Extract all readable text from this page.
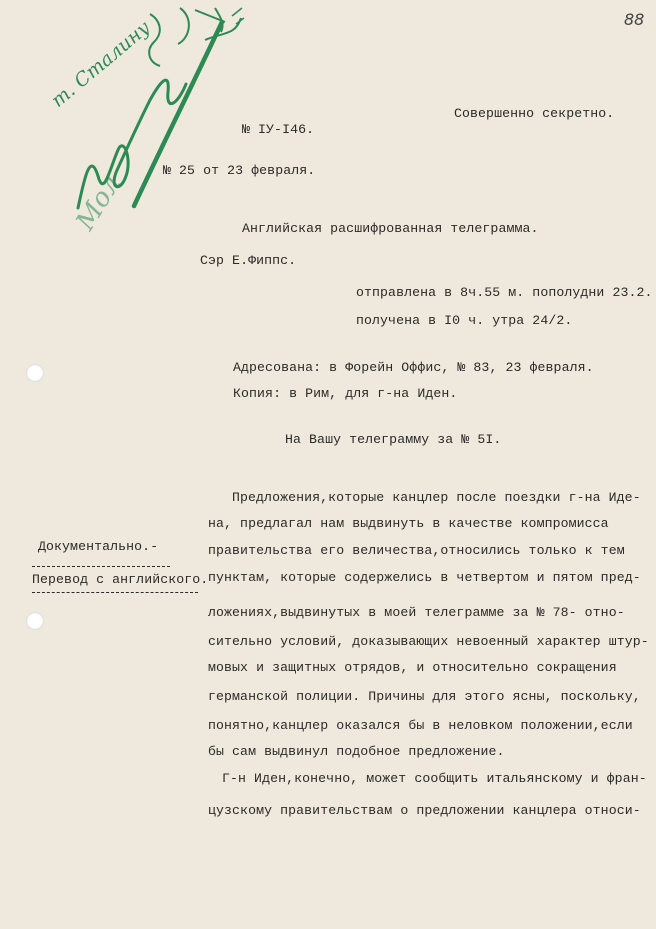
88
т. Сталину
Мол
Совершенно секретно.
№ IУ-I46.
№ 25 от 23 февраля.
Английская расшифрованная телеграмма.
Сэр Е.Фиппс.
отправлена в 8ч.55 м. пополудни 23.2.
получена в I0 ч. утра 24/2.
Адресована: в Форейн Оффис, № 83, 23 февраля.
Копия: в Рим, для г-на Иден.
На Вашу телеграмму за № 5I.
Документально.-
Перевод с английского.
Предложения,которые канцлер после поездки г-на Иде-
на, предлагал нам выдвинуть в качестве компромисса
правительства его величества,относились только к тем
пунктам, которые содержелись в четвертом и пятом пред-
ложениях,выдвинутых в моей телеграмме за № 78- отно-
сительно условий, доказывающих невоенный характер штур-
мовых и защитных отрядов, и относительно сокращения
германской полиции. Причины для этого ясны, поскольку,
понятно,канцлер оказался бы в неловком положении,если
бы сам выдвинул подобное предложение.
Г-н Иден,конечно, может сообщить итальянскому и фран-
цузскому правительствам о предложении канцлера относи-
